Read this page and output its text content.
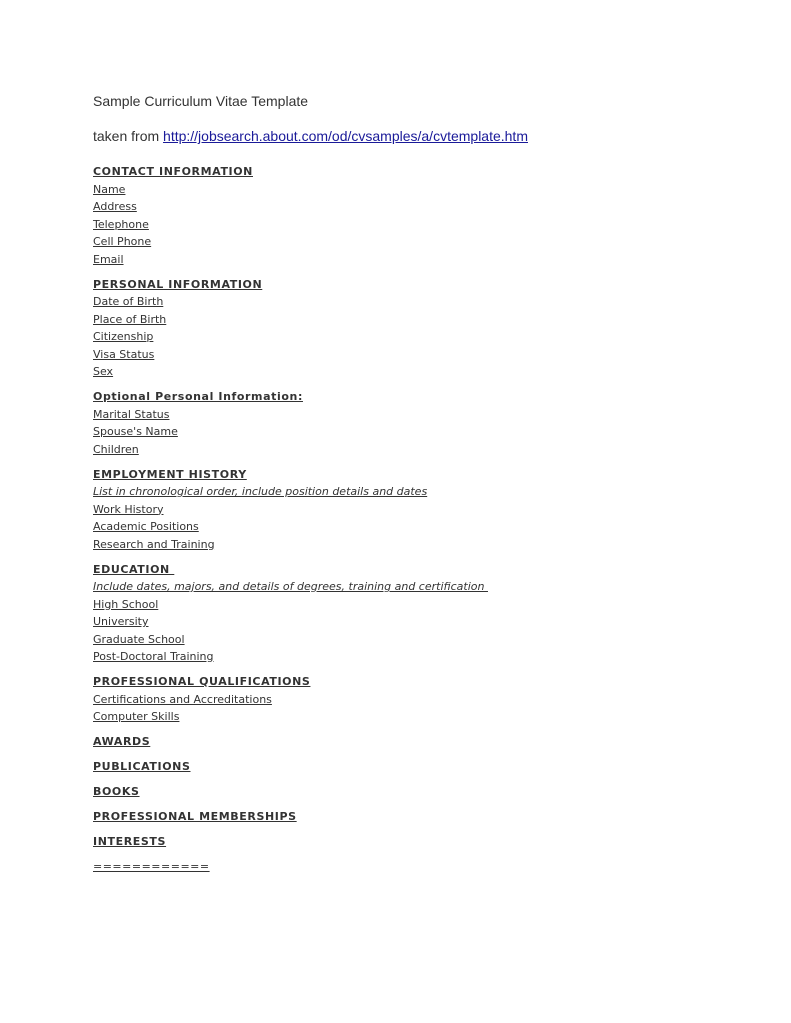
Sample Curriculum Vitae Template
taken from http://jobsearch.about.com/od/cvsamples/a/cvtemplate.htm
CONTACT INFORMATION
Name
Address
Telephone
Cell Phone
Email
PERSONAL INFORMATION
Date of Birth
Place of Birth
Citizenship
Visa Status
Sex
Optional Personal Information:
Marital Status
Spouse's Name
Children
EMPLOYMENT HISTORY
List in chronological order, include position details and dates
Work History
Academic Positions
Research and Training
EDUCATION
Include dates, majors, and details of degrees, training and certification
High School
University
Graduate School
Post-Doctoral Training
PROFESSIONAL QUALIFICATIONS
Certifications and Accreditations
Computer Skills
AWARDS
PUBLICATIONS
BOOKS
PROFESSIONAL MEMBERSHIPS
INTERESTS
============
